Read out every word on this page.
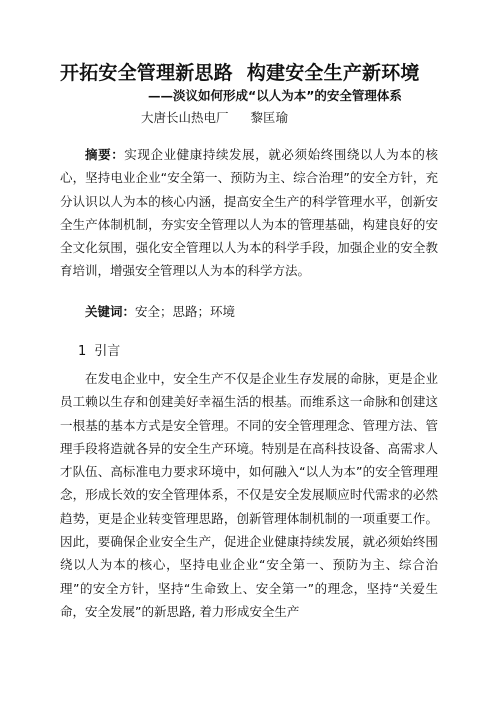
开拓安全管理新思路 构建安全生产新环境
——淡议如何形成“以人为本”的安全管理体系
大唐长山热电厂 黎匡瑜

摘要：实现企业健康持续发展，就必须始终围绕以人为本的核心，坚持电业企业“安全第一、预防为主、综合治理”的安全方针，充分认识以人为本的核心内涵，提高安全生产的科学管理水平，创新安全生产体制机制，夯实安全管理以人为本的管理基础，构建良好的安全文化氛围，强化安全管理以人为本的科学手段，加强企业的安全教育培训，增强安全管理以人为本的科学方法。

关键词：安全；思路；环境

1 引言

在发电企业中，安全生产不仅是企业生存发展的命脉，更是企业员工赖以生存和创建美好幸福生活的根基。而维系这一命脉和创建这一根基的基本方式是安全管理。不同的安全管理理念、管理方法、管理手段将造就各异的安全生产环境。特别是在高科技设备、高需求人才队伍、高标准电力要求环境中，如何融入“以人为本”的安全管理理念，形成长效的安全管理体系，不仅是安全发展顺应时代需求的必然趋势，更是企业转变管理思路，创新管理体制机制的一项重要工作。因此，要确保企业安全生产，促进企业健康持续发展，就必须始终围绕以人为本的核心，坚持电业企业“安全第一、预防为主、综合治理”的安全方针，坚持“生命致上、安全第一”的理念，坚持“关爱生命，安全发展”的新思路, 着力形成安全生产
